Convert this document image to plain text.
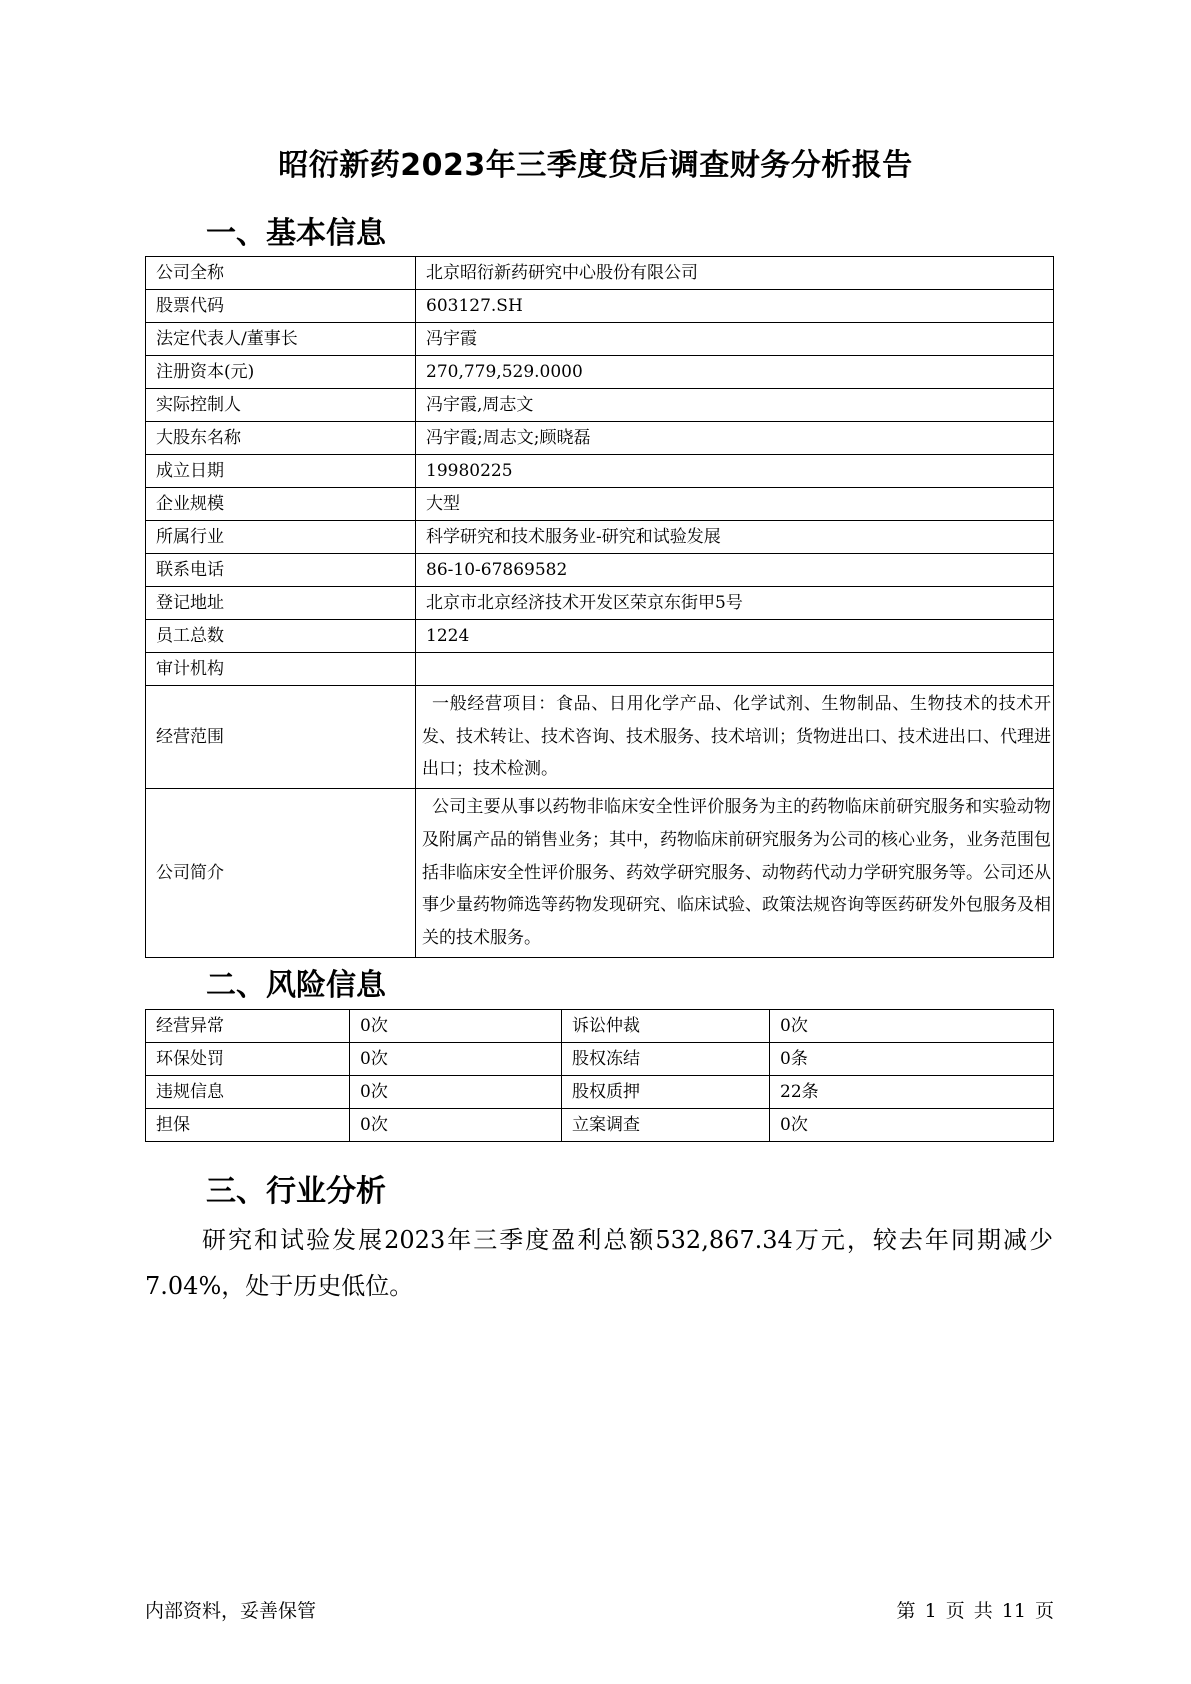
昭衍新药2023年三季度贷后调查财务分析报告
一、基本信息
公司全称	北京昭衍新药研究中心股份有限公司
股票代码	603127.SH
法定代表人/董事长	冯宇霞
注册资本(元)	270,779,529.0000
实际控制人	冯宇霞,周志文
大股东名称	冯宇霞;周志文;顾晓磊
成立日期	19980225
企业规模	大型
所属行业	科学研究和技术服务业-研究和试验发展
联系电话	86-10-67869582
登记地址	北京市北京经济技术开发区荣京东街甲5号
员工总数	1224
审计机构	
经营范围	一般经营项目：食品、日用化学产品、化学试剂、生物制品、生物技术的技术开发、技术转让、技术咨询、技术服务、技术培训；货物进出口、技术进出口、代理进出口；技术检测。
公司简介	公司主要从事以药物非临床安全性评价服务为主的药物临床前研究服务和实验动物及附属产品的销售业务；其中，药物临床前研究服务为公司的核心业务，业务范围包括非临床安全性评价服务、药效学研究服务、动物药代动力学研究服务等。公司还从事少量药物筛选等药物发现研究、临床试验、政策法规咨询等医药研发外包服务及相关的技术服务。
二、风险信息
经营异常	0次	诉讼仲裁	0次
环保处罚	0次	股权冻结	0条
违规信息	0次	股权质押	22条
担保	0次	立案调查	0次
三、行业分析
研究和试验发展2023年三季度盈利总额532,867.34万元，较去年同期减少7.04%，处于历史低位。
内部资料，妥善保管	第 1 页 共 11 页
